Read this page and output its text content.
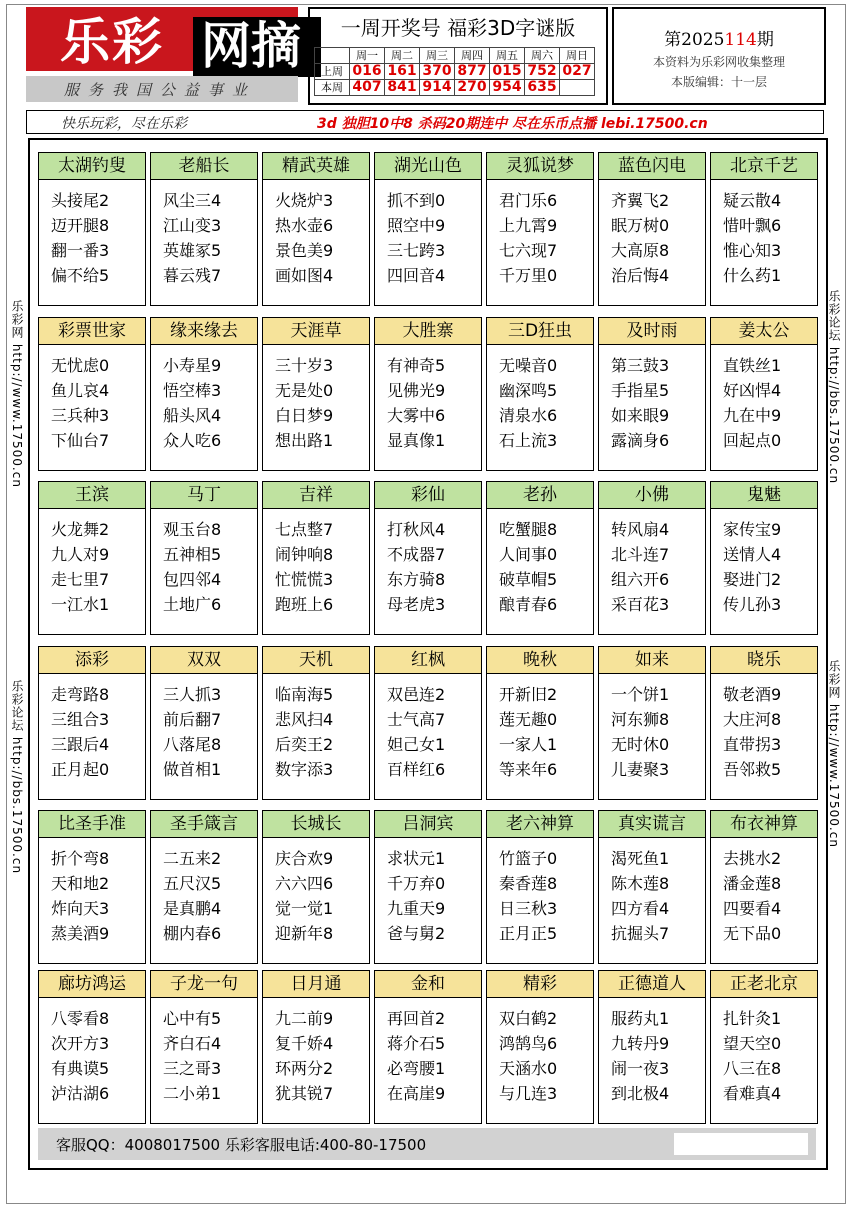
乐彩 网摘
服务我国公益事业
一周开奖号 福彩3D字谜版
	周一	周二	周三	周四	周五	周六	周日
上周	016	161	370	877	015	752	027
本周	407	841	914	270	954	635	
第2025114期
本资料为乐彩网收集整理
本版编辑：十一层
快乐玩彩，尽在乐彩	3d 独胆10中8 杀码20期连中 尽在乐币点播 lebi.17500.cn
乐彩网 http://www.17500.cn
乐彩论坛 http://bbs.17500.cn
乐彩论坛 http://bbs.17500.cn
乐彩网 http://www.17500.cn
太湖钓叟
头接尾2
迈开腿8
翻一番3
偏不给5
老船长
风尘三4
江山变3
英雄冢5
暮云残7
精武英雄
火烧炉3
热水壶6
景色美9
画如图4
湖光山色
抓不到0
照空中9
三七跨3
四回音4
灵狐说梦
君门乐6
上九霄9
七六现7
千万里0
蓝色闪电
齐翼飞2
眠万树0
大高原8
治后悔4
北京千艺
疑云散4
惜叶飘6
惟心知3
什么药1
彩票世家
无忧虑0
鱼儿哀4
三兵种3
下仙台7
缘来缘去
小寿星9
悟空棒3
船头风4
众人吃6
天涯草
三十岁3
无是处0
白日梦9
想出路1
大胜寨
有神奇5
见佛光9
大雾中6
显真像1
三D狂虫
无噪音0
幽深鸣5
清泉水6
石上流3
及时雨
第三鼓3
手指星5
如来眼9
露滴身6
姜太公
直铁丝1
好凶悍4
九在中9
回起点0
王滨
火龙舞2
九人对9
走七里7
一江水1
马丁
观玉台8
五神相5
包四邻4
土地广6
吉祥
七点整7
闹钟响8
忙慌慌3
跑班上6
彩仙
打秋风4
不成器7
东方骑8
母老虎3
老孙
吃蟹腿8
人间事0
破草帽5
酿青春6
小佛
转风扇4
北斗连7
组六开6
采百花3
鬼魅
家传宝9
送情人4
娶进门2
传儿孙3
添彩
走弯路8
三组合3
三跟后4
正月起0
双双
三人抓3
前后翻7
八落尾8
做首相1
天机
临南海5
悲风扫4
后奕王2
数字添3
红枫
双邑连2
士气高7
妲己女1
百样红6
晚秋
开新旧2
莲无趣0
一家人1
等来年6
如来
一个饼1
河东狮8
无时休0
儿妻聚3
晓乐
敬老酒9
大庄河8
直带拐3
吾邻救5
比圣手准
折个弯8
天和地2
炸向天3
蒸美酒9
圣手箴言
二五来2
五尺汉5
是真鹏4
棚内春6
长城长
庆合欢9
六六四6
觉一觉1
迎新年8
吕洞宾
求状元1
千万弃0
九重天9
爸与舅2
老六神算
竹篮子0
秦香莲8
日三秋3
正月正5
真实谎言
渴死鱼1
陈木莲8
四方看4
抗掘头7
布衣神算
去挑水2
潘金莲8
四要看4
无下品0
廊坊鸿运
八零看8
次开方3
有典谟5
泸沽湖6
子龙一句
心中有5
齐白石4
三之哥3
二小弟1
日月通
九二前9
复千娇4
环两分2
犹其锐7
金和
再回首2
蒋介石5
必弯腰1
在高崖9
精彩
双白鹤2
鸿鹄鸟6
天涵水0
与几连3
正德道人
服药丸1
九转丹9
闹一夜3
到北极4
正老北京
扎针灸1
望天空0
八三在8
看难真4
客服QQ：4008017500 乐彩客服电话:400-80-17500
